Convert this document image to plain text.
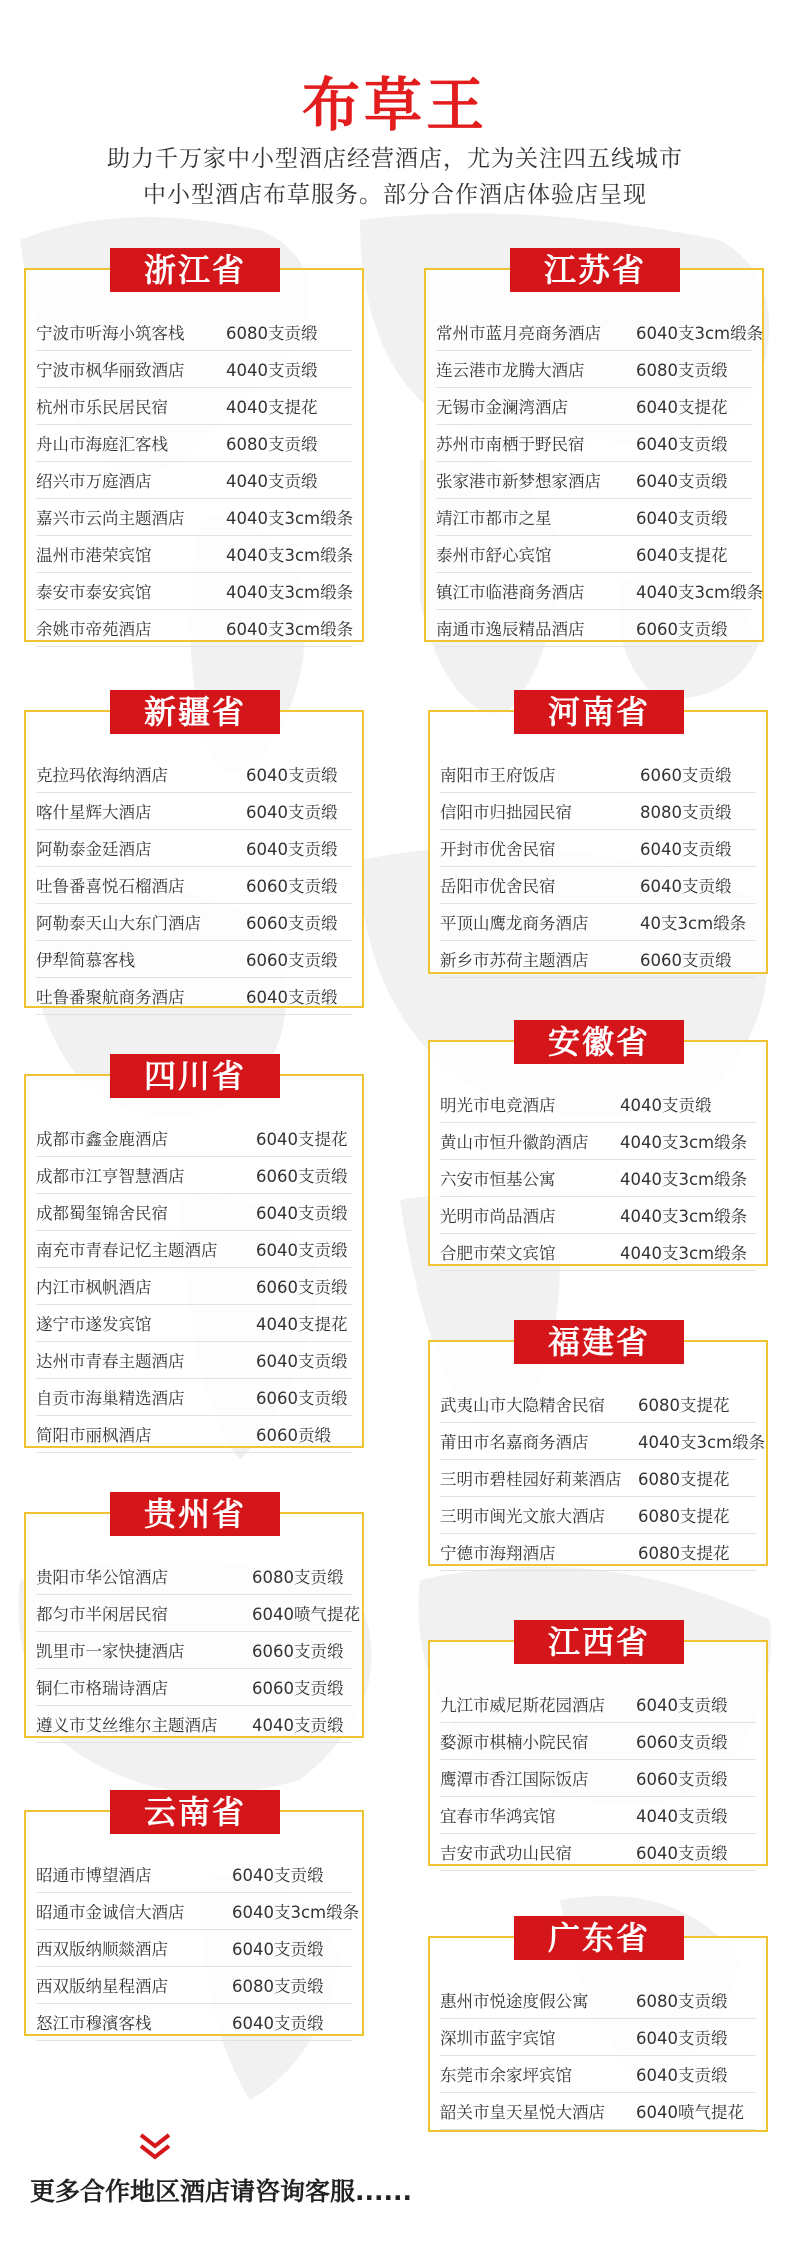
布草王
助力千万家中小型酒店经营酒店，尤为关注四五线城市
中小型酒店布草服务。部分合作酒店体验店呈现
浙江省
宁波市听海小筑客栈	6080支贡缎
宁波市枫华丽致酒店	4040支贡缎
杭州市乐民居民宿	4040支提花
舟山市海庭汇客栈	6080支贡缎
绍兴市万庭酒店	4040支贡缎
嘉兴市云尚主题酒店	4040支3cm缎条
温州市港荣宾馆	4040支3cm缎条
泰安市泰安宾馆	4040支3cm缎条
余姚市帝苑酒店	6040支3cm缎条
江苏省
常州市蓝月亮商务酒店 6040支3cm缎条
连云港市龙腾大酒店	6080支贡缎
无锡市金澜湾酒店	6040支提花
苏州市南栖于野民宿	6040支贡缎
张家港市新梦想家酒店 6040支贡缎
靖江市都市之星	6040支贡缎
泰州市舒心宾馆	6040支提花
镇江市临港商务酒店	4040支3cm缎条
南通市逸辰精品酒店	6060支贡缎
新疆省
克拉玛依海纳酒店	6040支贡缎
喀什星辉大酒店	6040支贡缎
阿勒泰金廷酒店	6040支贡缎
吐鲁番喜悦石榴酒店	6060支贡缎
阿勒泰天山大东门酒店	6060支贡缎
伊犁简慕客栈	6060支贡缎
吐鲁番聚航商务酒店	6040支贡缎
河南省
南阳市王府饭店	6060支贡缎
信阳市归拙园民宿	8080支贡缎
开封市优舍民宿	6040支贡缎
岳阳市优舍民宿	6040支贡缎
平顶山鹰龙商务酒店	40支3cm缎条
新乡市苏荷主题酒店	6060支贡缎
四川省
成都市鑫金鹿酒店	6040支提花
成都市江亨智慧酒店	6060支贡缎
成都蜀玺锦舍民宿	6040支贡缎
南充市青春记忆主题酒店 6040支贡缎
内江市枫帆酒店	6060支贡缎
遂宁市遂发宾馆	4040支提花
达州市青春主题酒店	6040支贡缎
自贡市海巢精选酒店	6060支贡缎
简阳市丽枫酒店	6060贡缎
安徽省
明光市电竞酒店	4040支贡缎
黄山市恒升徽韵酒店 4040支3cm缎条
六安市恒基公寓	4040支3cm缎条
光明市尚品酒店	4040支3cm缎条
合肥市荣文宾馆	4040支3cm缎条
福建省
武夷山市大隐精舍民宿 6080支提花
莆田市名嘉商务酒店	4040支3cm缎条
三明市碧桂园好莉莱酒店 6080支提花
三明市闽光文旅大酒店 6080支提花
宁德市海翔酒店	6080支提花
贵州省
贵阳市华公馆酒店	6080支贡缎
都匀市半闲居民宿	6040喷气提花
凯里市一家快捷酒店	6060支贡缎
铜仁市格瑞诗酒店	6060支贡缎
遵义市艾丝维尔主题酒店 4040支贡缎
江西省
九江市威尼斯花园酒店 6040支贡缎
婺源市棋楠小院民宿	6060支贡缎
鹰潭市香江国际饭店	6060支贡缎
宜春市华鸿宾馆	4040支贡缎
吉安市武功山民宿	6040支贡缎
云南省
昭通市博望酒店	6040支贡缎
昭通市金诚信大酒店	6040支3cm缎条
西双版纳顺燚酒店	6040支贡缎
西双版纳星程酒店	6080支贡缎
怒江市穆濱客栈	6040支贡缎
广东省
惠州市悦途度假公寓	6080支贡缎
深圳市蓝宇宾馆	6040支贡缎
东莞市余家坪宾馆	6040支贡缎
韶关市皇天星悦大酒店 6040喷气提花
更多合作地区酒店请咨询客服......
